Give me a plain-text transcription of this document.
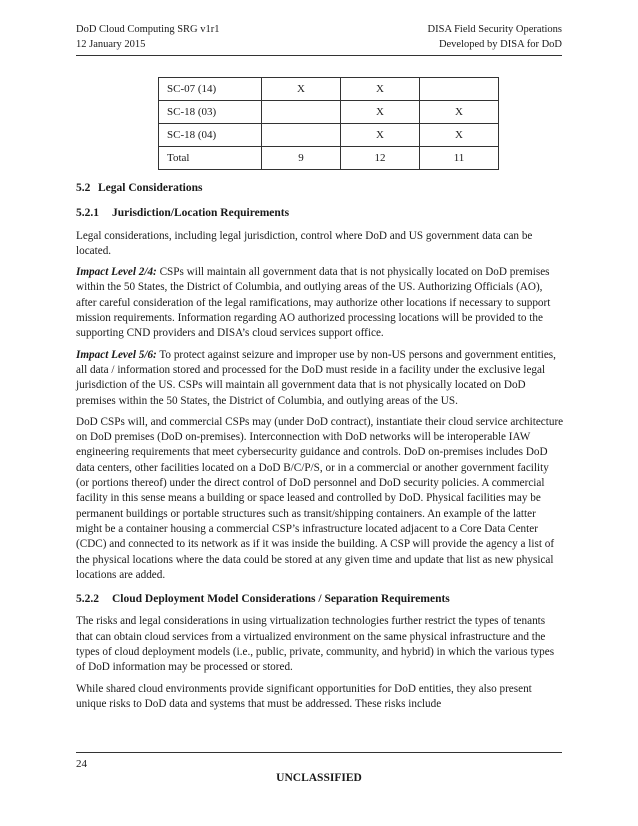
DoD Cloud Computing SRG v1r1
12 January 2015
DISA Field Security Operations
Developed by DISA for DoD
SC-07 (14)	X	X	
SC-18 (03)		X	X
SC-18 (04)		X	X
Total	9	12	11
5.2 Legal Considerations
5.2.1 Jurisdiction/Location Requirements

Legal considerations, including legal jurisdiction, control where DoD and US government data can be located.

Impact Level 2/4: CSPs will maintain all government data that is not physically located on DoD premises within the 50 States, the District of Columbia, and outlying areas of the US. Authorizing Officials (AO), after careful consideration of the legal ramifications, may authorize other locations if necessary to support mission requirements. Information regarding AO authorized processing locations will be provided to the supporting CND providers and DISA’s cloud services support office.

Impact Level 5/6: To protect against seizure and improper use by non-US persons and government entities, all data / information stored and processed for the DoD must reside in a facility under the exclusive legal jurisdiction of the US. CSPs will maintain all government data that is not physically located on DoD premises within the 50 States, the District of Columbia, and outlying areas of the US.

DoD CSPs will, and commercial CSPs may (under DoD contract), instantiate their cloud service architecture on DoD premises (DoD on-premises). Interconnection with DoD networks will be interoperable IAW engineering requirements that meet cybersecurity guidance and controls. DoD on-premises includes DoD data centers, other facilities located on a DoD B/C/P/S, or in a commercial or another government facility (or portions thereof) under the direct control of DoD personnel and DoD security policies. A commercial facility in this sense means a building or space leased and controlled by DoD. Physical facilities may be permanent buildings or portable structures such as transit/shipping containers. An example of the latter might be a container housing a commercial CSP’s infrastructure located adjacent to a Core Data Center (CDC) and connected to its network as if it was inside the building. A CSP will provide the agency a list of the physical locations where the data could be stored at any given time and update that list as new physical locations are added.

5.2.2 Cloud Deployment Model Considerations / Separation Requirements

The risks and legal considerations in using virtualization technologies further restrict the types of tenants that can obtain cloud services from a virtualized environment on the same physical infrastructure and the types of cloud deployment models (i.e., public, private, community, and hybrid) in which the various types of DoD information may be processed or stored.

While shared cloud environments provide significant opportunities for DoD entities, they also present unique risks to DoD data and systems that must be addressed. These risks include

24
UNCLASSIFIED
